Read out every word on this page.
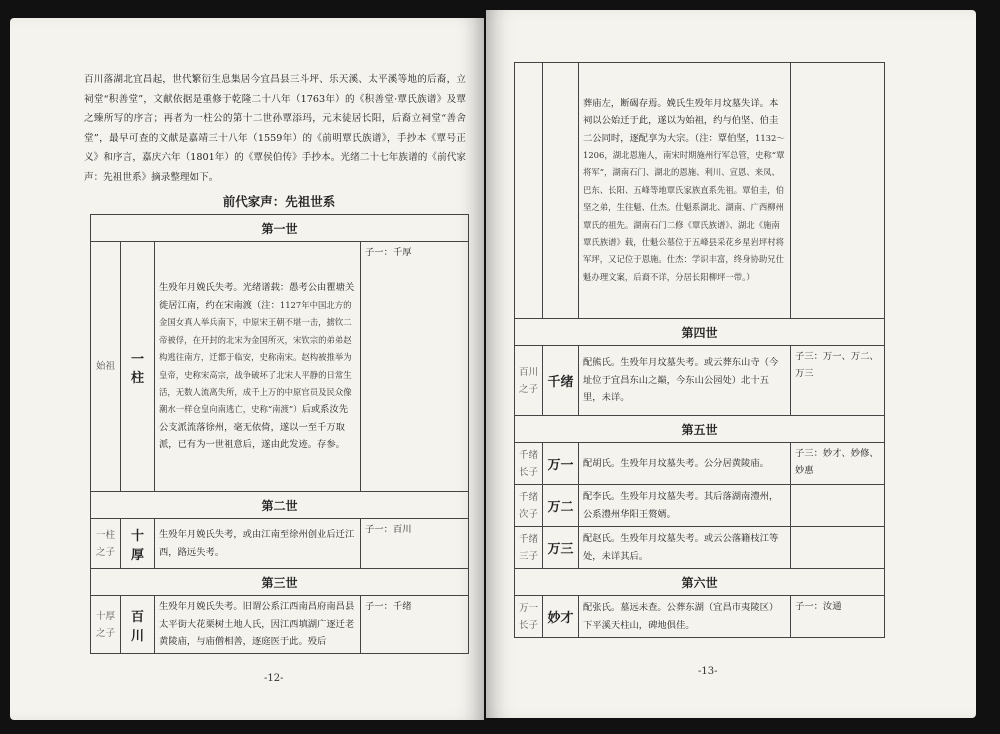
百川落湖北宜昌起，世代繁衍生息集居今宜昌县三斗坪、乐天溪、太平溪等地的后裔，立祠堂“积善堂”，文献依据是重修于乾隆二十八年（1763年）的《积善堂·覃氏族谱》及覃之臻所写的序言；再者为一柱公的第十二世孙覃添玛，元末徒居长阳，后裔立祠堂“善舍堂”，最早可查的文献是嘉靖三十八年（1559年）的《前明覃氏族谱》，手抄本《覃号正义》和序言，嘉庆六年（1801年）的《覃侯伯传》手抄本。光绪二十七年族谱的《前代家声：先祖世系》摘录整理如下。
前代家声：先祖世系
第一世			
始祖	一柱	生殁年月娩氏失考。光绪谱载：愚考公由瞿塘关徙居江南，约在宋南渡（注：1127年中国北方的金国女真人举兵南下，中原宋王朝不堪一击，掳钦二帝被俘，在开封的北宋为金国所灭，宋钦宗的弟弟赵构逃往南方，迁都于临安，史称南宋。赵构被推举为皇帝，史称宋高宗，战争破坏了北宋人平静的日常生活，无数人流离失所，成千上万的中原官员及民众像潮水一样仓皇向南逃亡，史称“南渡”）后或系汝先公支派流落徐州，毫无依倚，遂以一至千万取派，已有为一世祖意后，遂由此发迹。存参。	子一：千厚
第二世			
一柱之子	十厚	生殁年月娩氏失考，或由江南至徐州创业后迁江西，路远失考。	子一：百川
第三世			
十厚之子	百川	生殁年月娩氏失考。旧谓公系江西南昌府南昌县太平街大花栗树土地人氏，因江西填湖广逐迁老黄陵庙，与庙僧相善，逐庭医于此。殁后	子一：千绪
-12-
		葬庙左，断碣存焉。娩氏生殁年月坟墓失详。本祠以公始迁于此，遂以为始祖，约与伯坚、伯圭二公同时，逐配享为大宗。（注：覃伯坚，1132～1206，湖北恩施人，南宋时期施州行军总管，史称“覃将军”，湖南石门、湖北的恩施、利川、宣恩、来凤、巴东、长阳、五峰等地覃氏家族直系先祖。覃伯圭，伯坚之弟，生往魁、仕杰。仕魁系湖北、湖南、广西柳州覃氏的祖先。湖南石门二修《覃氏族谱》、湖北《施南覃氏族谱》载，仕魁公墓位于五峰县采花乡星岩坪村将军坪，又记位于恩施。仕杰：学识丰富，终身协助兄仕魁办理文案，后裔不详，分居长阳柳坪一带。）	
第四世			
百川之子	千绪	配熊氏。生殁年月坟墓失考。或云葬东山寺（今址位于宜昌东山之巅，今东山公园处）北十五里，未详。	子三：万一、万二、万三
第五世			
千绪长子	万一	配胡氏。生殁年月坟墓失考。公分居黄陵庙。	子三：妙才、妙修、妙惠
千绪次子	万二	配李氏。生殁年月坟墓失考。其后落湖南澧州，公系澧州华阳王赘婿。	
千绪三子	万三	配赵氏。生殁年月坟墓失考。或云公落籍枝江等处，未详其后。	
第六世			
万一长子	妙才	配张氏。墓远未查。公葬东湖（宜昌市夷陵区）下平溪天柱山，碑地俱佳。	子一：汝通
-13-
